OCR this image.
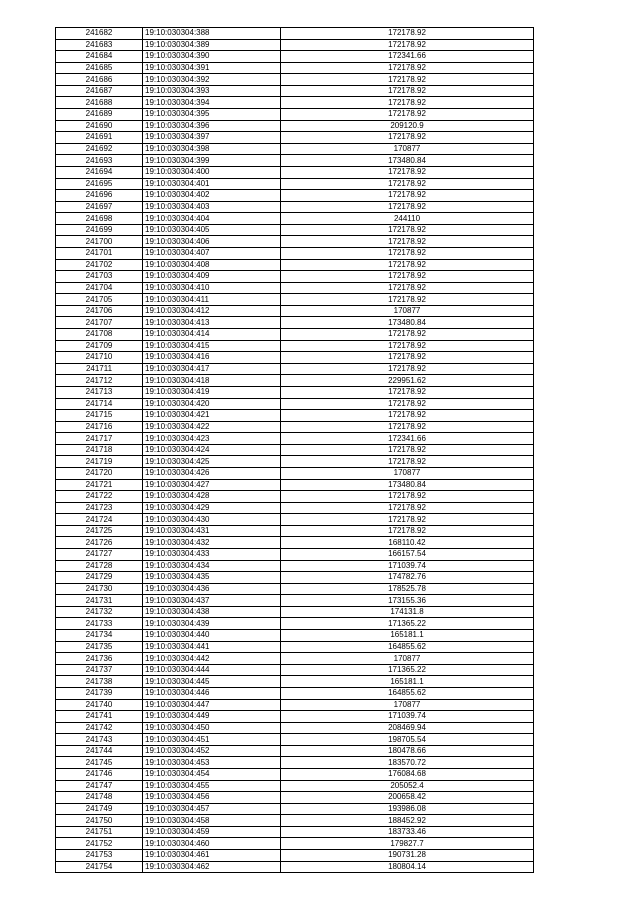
241682	19:10:030304:388	172178.92
241683	19:10:030304:389	172178.92
241684	19:10:030304:390	172341.66
241685	19:10:030304:391	172178.92
241686	19:10:030304:392	172178.92
241687	19:10:030304:393	172178.92
241688	19:10:030304:394	172178.92
241689	19:10:030304:395	172178.92
241690	19:10:030304:396	209120.9
241691	19:10:030304:397	172178.92
241692	19:10:030304:398	170877
241693	19:10:030304:399	173480.84
241694	19:10:030304:400	172178.92
241695	19:10:030304:401	172178.92
241696	19:10:030304:402	172178.92
241697	19:10:030304:403	172178.92
241698	19:10:030304:404	244110
241699	19:10:030304:405	172178.92
241700	19:10:030304:406	172178.92
241701	19:10:030304:407	172178.92
241702	19:10:030304:408	172178.92
241703	19:10:030304:409	172178.92
241704	19:10:030304:410	172178.92
241705	19:10:030304:411	172178.92
241706	19:10:030304:412	170877
241707	19:10:030304:413	173480.84
241708	19:10:030304:414	172178.92
241709	19:10:030304:415	172178.92
241710	19:10:030304:416	172178.92
241711	19:10:030304:417	172178.92
241712	19:10:030304:418	229951.62
241713	19:10:030304:419	172178.92
241714	19:10:030304:420	172178.92
241715	19:10:030304:421	172178.92
241716	19:10:030304:422	172178.92
241717	19:10:030304:423	172341.66
241718	19:10:030304:424	172178.92
241719	19:10:030304:425	172178.92
241720	19:10:030304:426	170877
241721	19:10:030304:427	173480.84
241722	19:10:030304:428	172178.92
241723	19:10:030304:429	172178.92
241724	19:10:030304:430	172178.92
241725	19:10:030304:431	172178.92
241726	19:10:030304:432	168110.42
241727	19:10:030304:433	166157.54
241728	19:10:030304:434	171039.74
241729	19:10:030304:435	174782.76
241730	19:10:030304:436	178525.78
241731	19:10:030304:437	173155.36
241732	19:10:030304:438	174131.8
241733	19:10:030304:439	171365.22
241734	19:10:030304:440	165181.1
241735	19:10:030304:441	164855.62
241736	19:10:030304:442	170877
241737	19:10:030304:444	171365.22
241738	19:10:030304:445	165181.1
241739	19:10:030304:446	164855.62
241740	19:10:030304:447	170877
241741	19:10:030304:449	171039.74
241742	19:10:030304:450	208469.94
241743	19:10:030304:451	198705.54
241744	19:10:030304:452	180478.66
241745	19:10:030304:453	183570.72
241746	19:10:030304:454	176084.68
241747	19:10:030304:455	205052.4
241748	19:10:030304:456	200658.42
241749	19:10:030304:457	193986.08
241750	19:10:030304:458	188452.92
241751	19:10:030304:459	183733.46
241752	19:10:030304:460	179827.7
241753	19:10:030304:461	190731.28
241754	19:10:030304:462	180804.14
